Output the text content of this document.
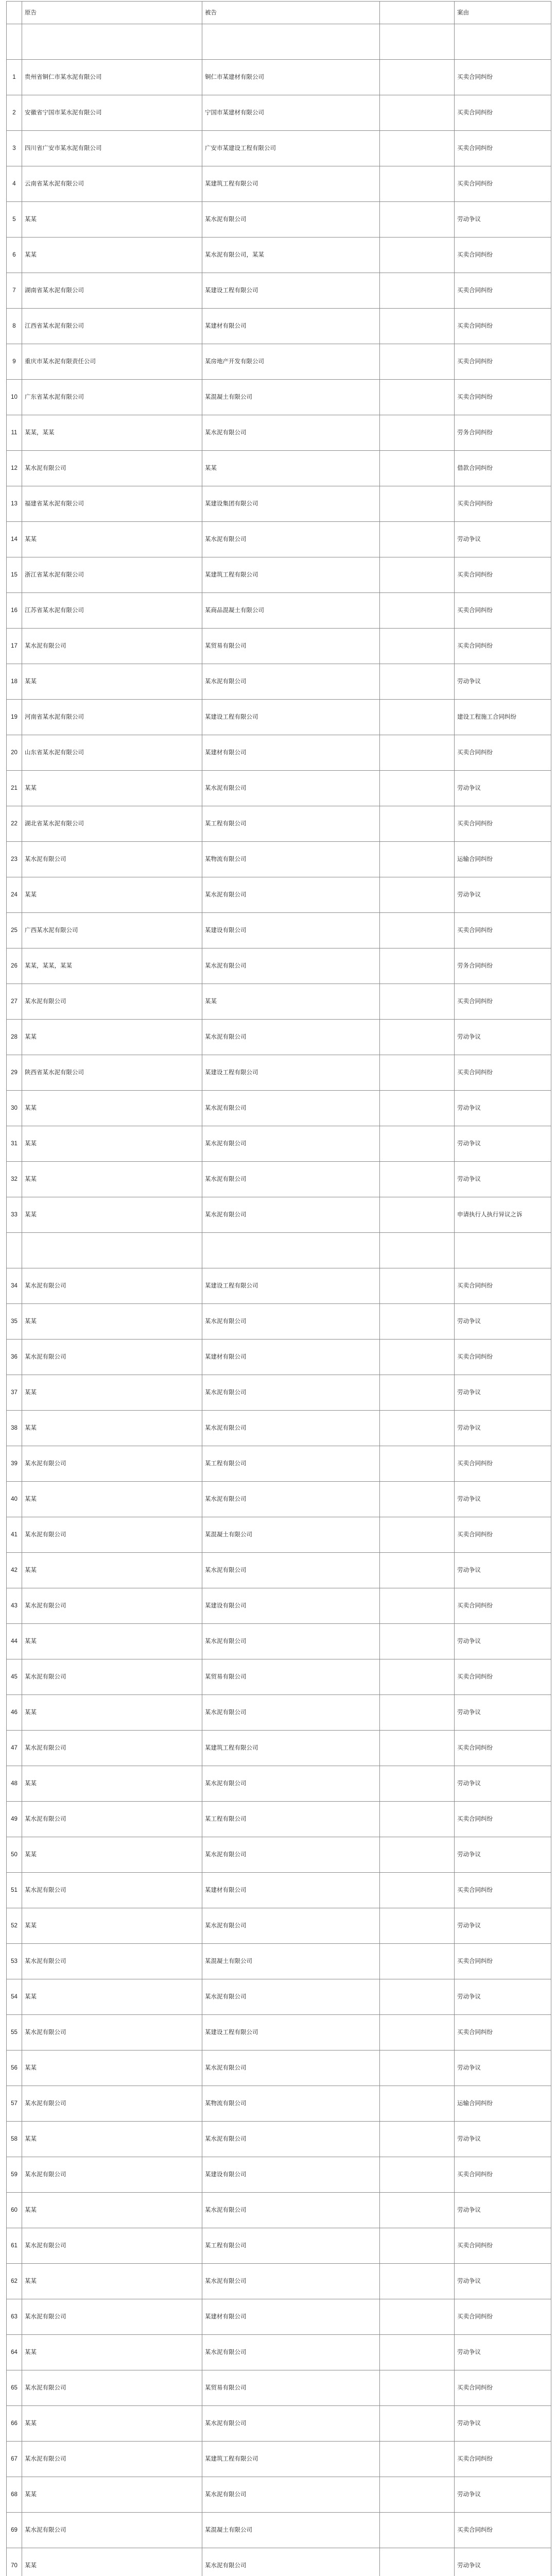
	原告	被告		案由

1	贵州省铜仁市某水泥有限公司	铜仁市某建材有限公司		买卖合同纠纷
2	安徽省宁国市某水泥有限公司	宁国市某建材有限公司		买卖合同纠纷
3	四川省广安市某水泥有限公司	广安市某建设工程有限公司		买卖合同纠纷
4	云南省某水泥有限公司	某建筑工程有限公司		买卖合同纠纷
5	某某	某水泥有限公司		劳动争议
6	某某	某水泥有限公司，某某		买卖合同纠纷
7	湖南省某水泥有限公司	某建设工程有限公司		买卖合同纠纷
8	江西省某水泥有限公司	某建材有限公司		买卖合同纠纷
9	重庆市某水泥有限责任公司	某房地产开发有限公司		买卖合同纠纷
10	广东省某水泥有限公司	某混凝土有限公司		买卖合同纠纷
11	某某，某某	某水泥有限公司		劳务合同纠纷
12	某水泥有限公司	某某		借款合同纠纷
13	福建省某水泥有限公司	某建设集团有限公司		买卖合同纠纷
14	某某	某水泥有限公司		劳动争议
15	浙江省某水泥有限公司	某建筑工程有限公司		买卖合同纠纷
16	江苏省某水泥有限公司	某商品混凝土有限公司		买卖合同纠纷
17	某水泥有限公司	某贸易有限公司		买卖合同纠纷
18	某某	某水泥有限公司		劳动争议
19	河南省某水泥有限公司	某建设工程有限公司		建设工程施工合同纠纷
20	山东省某水泥有限公司	某建材有限公司		买卖合同纠纷
21	某某	某水泥有限公司		劳动争议
22	湖北省某水泥有限公司	某工程有限公司		买卖合同纠纷
23	某水泥有限公司	某物流有限公司		运输合同纠纷
24	某某	某水泥有限公司		劳动争议
25	广西某水泥有限公司	某建设有限公司		买卖合同纠纷
26	某某，某某，某某	某水泥有限公司		劳务合同纠纷
27	某水泥有限公司	某某		买卖合同纠纷
28	某某	某水泥有限公司		劳动争议
29	陕西省某水泥有限公司	某建设工程有限公司		买卖合同纠纷
30	某某	某水泥有限公司		劳动争议
31	某某	某水泥有限公司		劳动争议
32	某某	某水泥有限公司		劳动争议
33	某某	某水泥有限公司		申请执行人执行异议之诉

34	某水泥有限公司	某建设工程有限公司		买卖合同纠纷
35	某某	某水泥有限公司		劳动争议
36	某水泥有限公司	某建材有限公司		买卖合同纠纷
37	某某	某水泥有限公司		劳动争议
38	某某	某水泥有限公司		劳动争议
39	某水泥有限公司	某工程有限公司		买卖合同纠纷
40	某某	某水泥有限公司		劳动争议
41	某水泥有限公司	某混凝土有限公司		买卖合同纠纷
42	某某	某水泥有限公司		劳动争议
43	某水泥有限公司	某建设有限公司		买卖合同纠纷
44	某某	某水泥有限公司		劳动争议
45	某水泥有限公司	某贸易有限公司		买卖合同纠纷
46	某某	某水泥有限公司		劳动争议
47	某水泥有限公司	某建筑工程有限公司		买卖合同纠纷
48	某某	某水泥有限公司		劳动争议
49	某水泥有限公司	某工程有限公司		买卖合同纠纷
50	某某	某水泥有限公司		劳动争议
51	某水泥有限公司	某建材有限公司		买卖合同纠纷
52	某某	某水泥有限公司		劳动争议
53	某水泥有限公司	某混凝土有限公司		买卖合同纠纷
54	某某	某水泥有限公司		劳动争议
55	某水泥有限公司	某建设工程有限公司		买卖合同纠纷
56	某某	某水泥有限公司		劳动争议
57	某水泥有限公司	某物流有限公司		运输合同纠纷
58	某某	某水泥有限公司		劳动争议
59	某水泥有限公司	某建设有限公司		买卖合同纠纷
60	某某	某水泥有限公司		劳动争议
61	某水泥有限公司	某工程有限公司		买卖合同纠纷
62	某某	某水泥有限公司		劳动争议
63	某水泥有限公司	某建材有限公司		买卖合同纠纷
64	某某	某水泥有限公司		劳动争议
65	某水泥有限公司	某贸易有限公司		买卖合同纠纷
66	某某	某水泥有限公司		劳动争议
67	某水泥有限公司	某建筑工程有限公司		买卖合同纠纷
68	某某	某水泥有限公司		劳动争议
69	某水泥有限公司	某混凝土有限公司		买卖合同纠纷
70	某某	某水泥有限公司		劳动争议
